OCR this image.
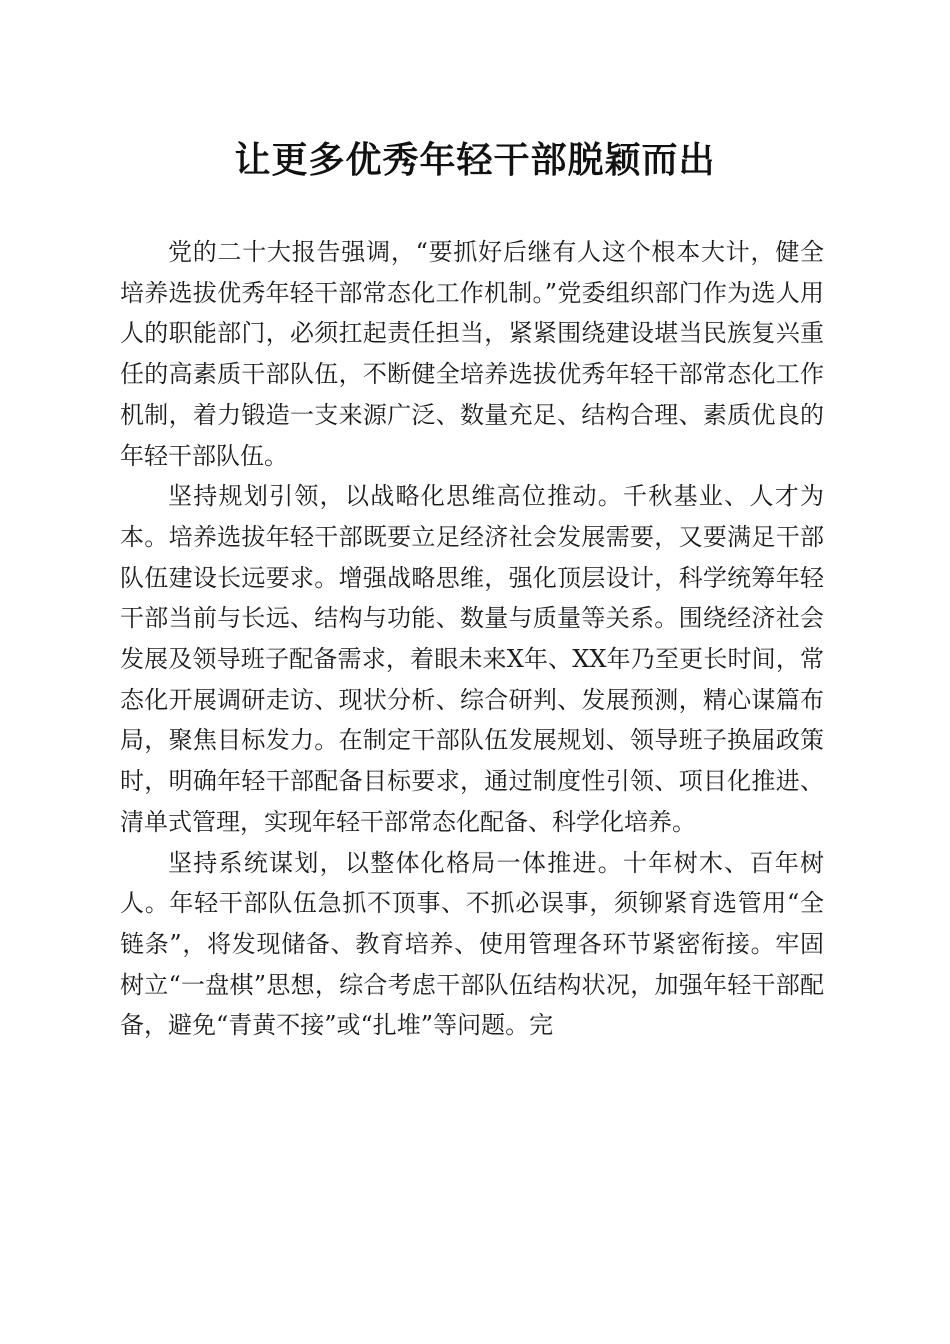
让更多优秀年轻干部脱颖而出

党的二十大报告强调，“要抓好后继有人这个根本大计，健全培养选拔优秀年轻干部常态化工作机制。”党委组织部门作为选人用人的职能部门，必须扛起责任担当，紧紧围绕建设堪当民族复兴重任的高素质干部队伍，不断健全培养选拔优秀年轻干部常态化工作机制，着力锻造一支来源广泛、数量充足、结构合理、素质优良的年轻干部队伍。

坚持规划引领，以战略化思维高位推动。千秋基业、人才为本。培养选拔年轻干部既要立足经济社会发展需要，又要满足干部队伍建设长远要求。增强战略思维，强化顶层设计，科学统筹年轻干部当前与长远、结构与功能、数量与质量等关系。围绕经济社会发展及领导班子配备需求，着眼未来X年、XX年乃至更长时间，常态化开展调研走访、现状分析、综合研判、发展预测，精心谋篇布局，聚焦目标发力。在制定干部队伍发展规划、领导班子换届政策时，明确年轻干部配备目标要求，通过制度性引领、项目化推进、清单式管理，实现年轻干部常态化配备、科学化培养。

坚持系统谋划，以整体化格局一体推进。十年树木、百年树人。年轻干部队伍急抓不顶事、不抓必误事，须铆紧育选管用“全链条”，将发现储备、教育培养、使用管理各环节紧密衔接。牢固树立“一盘棋”思想，综合考虑干部队伍结构状况，加强年轻干部配备，避免“青黄不接”或“扎堆”等问题。完
